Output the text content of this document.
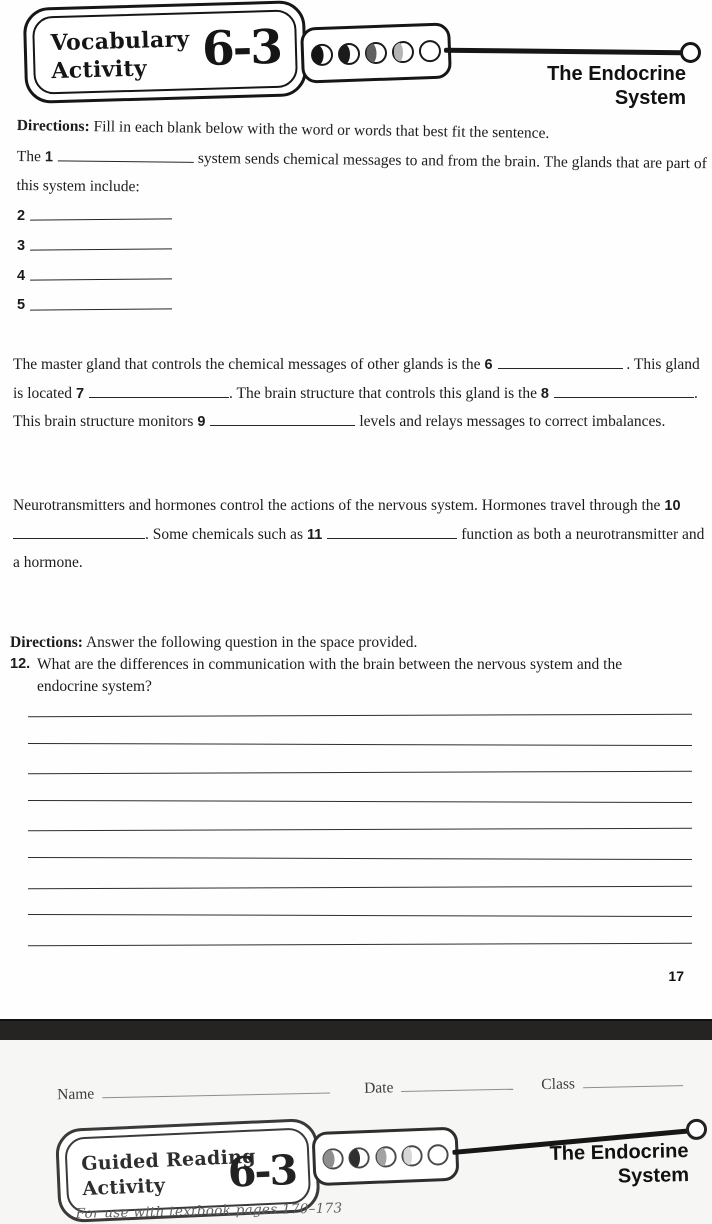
Vocabulary
Activity	6-3	The Endocrine
System

Directions: Fill in each blank below with the word or words that best fit the sentence.

The 1	system sends chemical messages to and from the brain. The glands that are part of this system include:

2
3
4
5

The master gland that controls the chemical messages of other glands is the 6	. This gland is located 7	. The brain structure that controls this gland is the 8	. This brain structure monitors 9	levels and relays messages to correct imbalances.

Neurotransmitters and hormones control the actions of the nervous system. Hormones travel through the 10. Some chemicals such as 11	function as both a neurotransmitter and a hormone.

Directions: Answer the following question in the space provided.

12. What are the differences in communication with the brain between the nervous system and the endocrine system?
17
Name	Date	Class
Guided Reading
Activity	6-3	The Endocrine
System
For use with textbook pages 170–173
